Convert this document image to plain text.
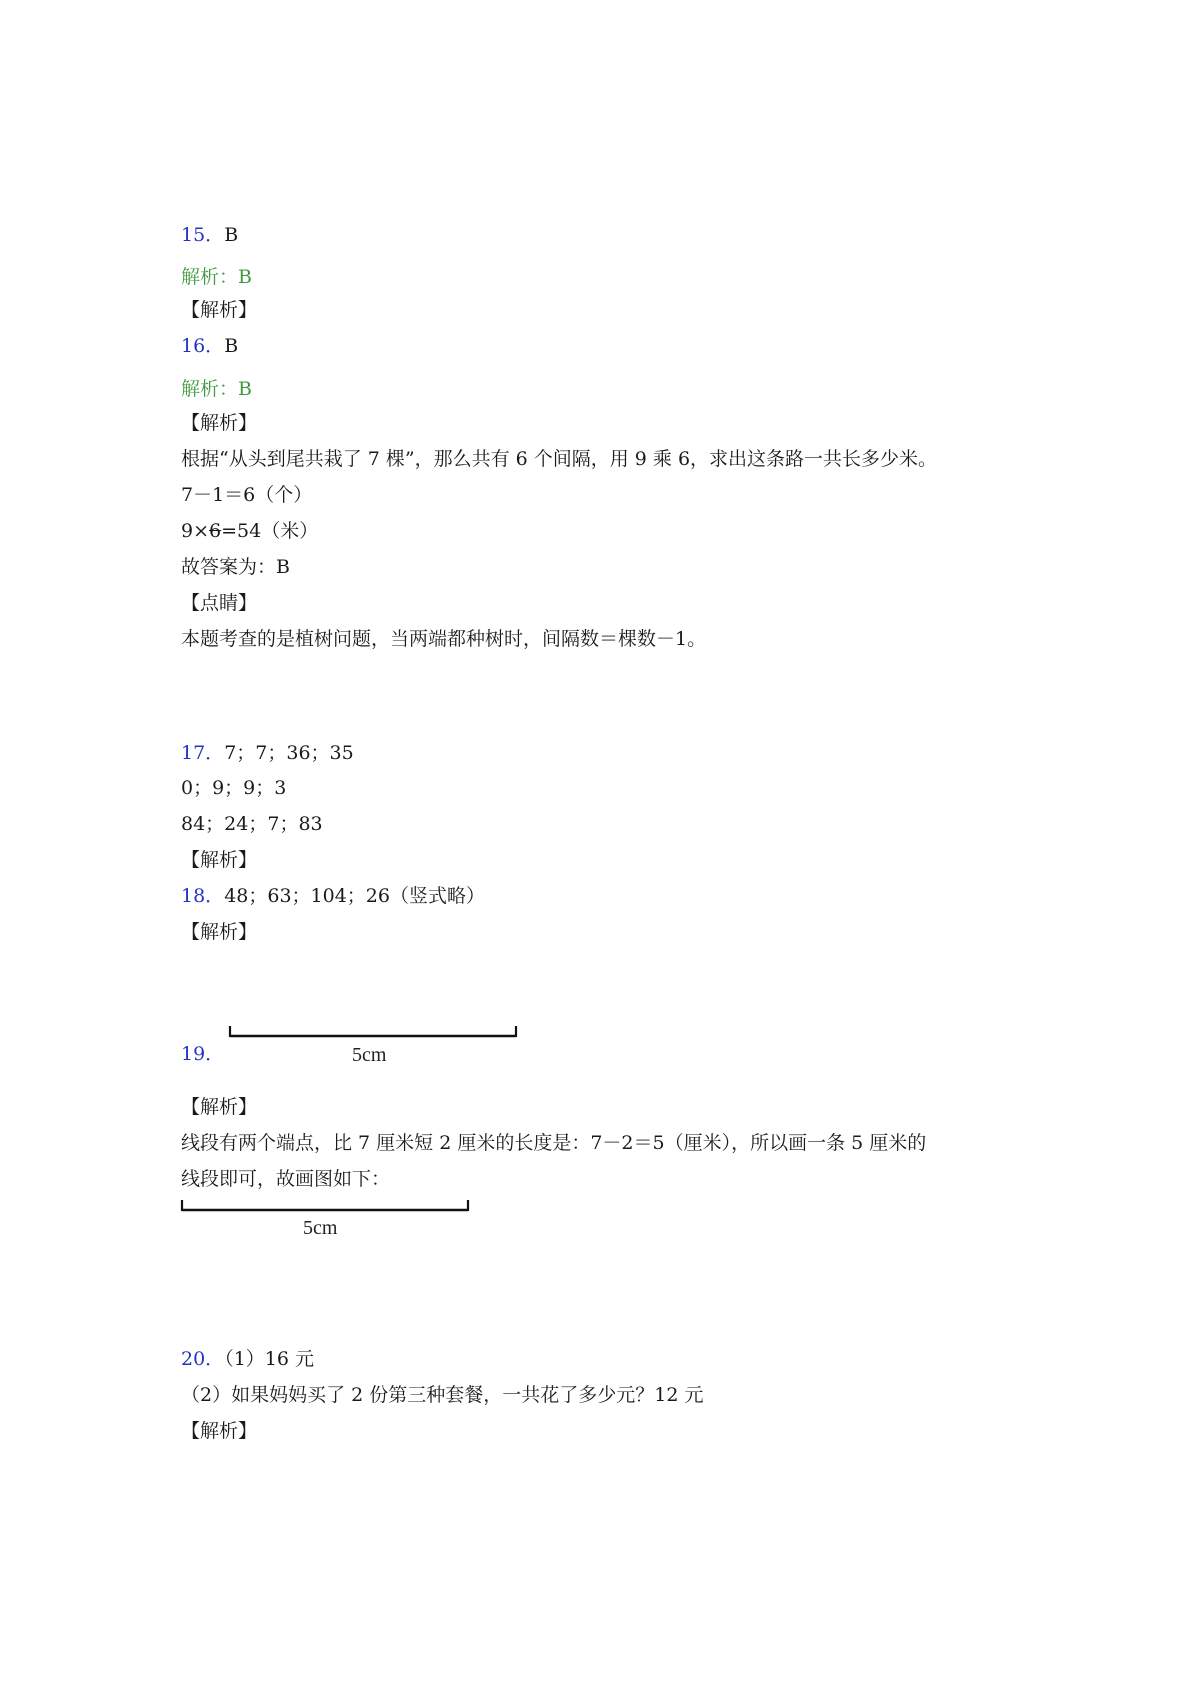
15．B
解析：B
【解析】
16．B
解析：B
【解析】
根据“从头到尾共栽了 7 棵”，那么共有 6 个间隔，用 9 乘 6，求出这条路一共长多少米。
7－1＝6（个）
9×6=54（米）
故答案为：B
【点睛】
本题考查的是植树问题，当两端都种树时，间隔数＝棵数－1。
17．7；7；36；35
0；9；9；3
84；24；7；83
【解析】
18．48；63；104；26（竖式略）
【解析】
19．	5cm
【解析】
线段有两个端点，比 7 厘米短 2 厘米的长度是：7－2＝5（厘米），所以画一条 5 厘米的
线段即可，故画图如下：
5cm
20．（1）16 元
（2）如果妈妈买了 2 份第三种套餐，一共花了多少元？12 元
【解析】
